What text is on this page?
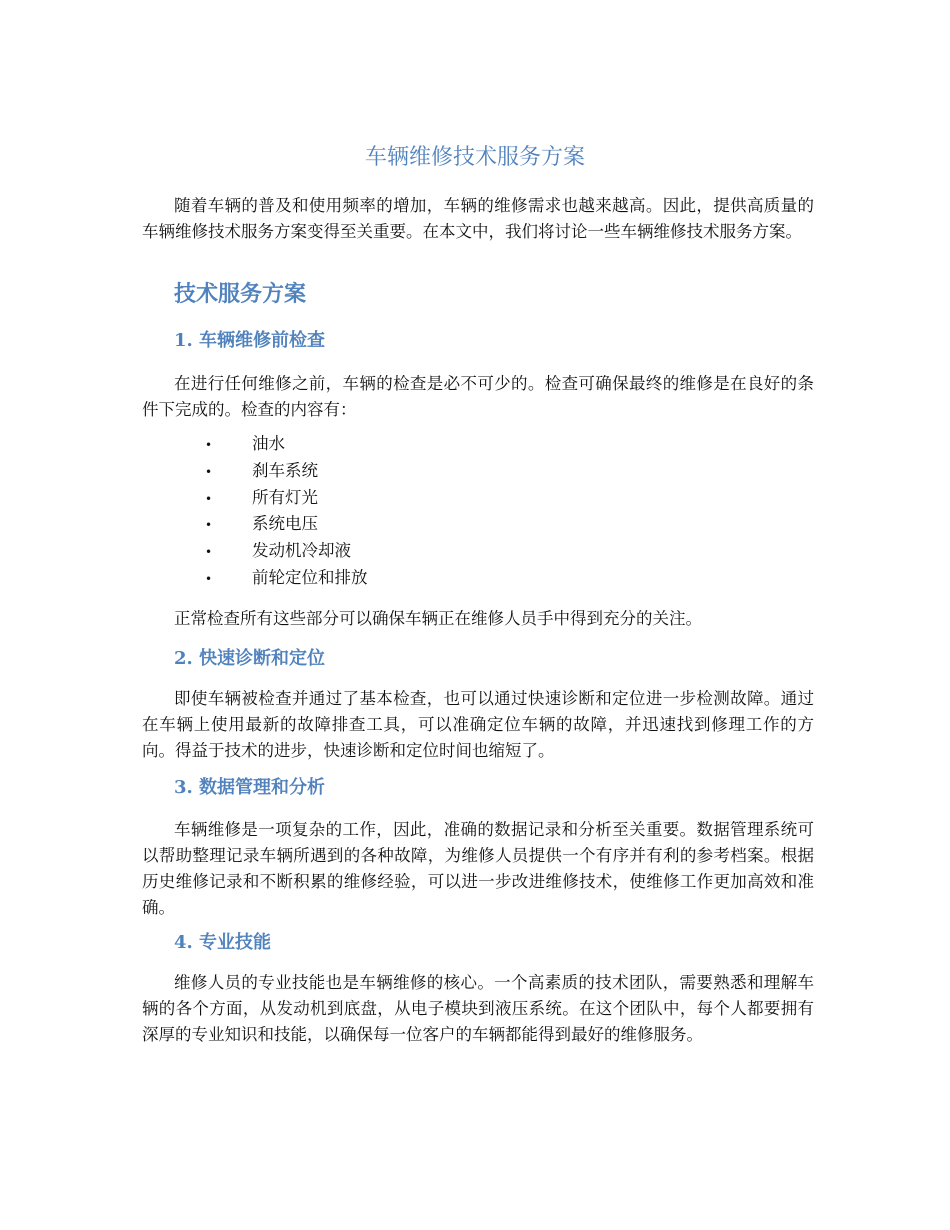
车辆维修技术服务方案

随着车辆的普及和使用频率的增加，车辆的维修需求也越来越高。因此，提供高质量的车辆维修技术服务方案变得至关重要。在本文中，我们将讨论一些车辆维修技术服务方案。

技术服务方案
1. 车辆维修前检查

在进行任何维修之前，车辆的检查是必不可少的。检查可确保最终的维修是在良好的条件下完成的。检查的内容有：

• 油水
• 刹车系统
• 所有灯光
• 系统电压
• 发动机冷却液
• 前轮定位和排放

正常检查所有这些部分可以确保车辆正在维修人员手中得到充分的关注。

2. 快速诊断和定位

即使车辆被检查并通过了基本检查，也可以通过快速诊断和定位进一步检测故障。通过在车辆上使用最新的故障排查工具，可以准确定位车辆的故障，并迅速找到修理工作的方向。得益于技术的进步，快速诊断和定位时间也缩短了。

3. 数据管理和分析

车辆维修是一项复杂的工作，因此，准确的数据记录和分析至关重要。数据管理系统可以帮助整理记录车辆所遇到的各种故障，为维修人员提供一个有序并有利的参考档案。根据历史维修记录和不断积累的维修经验，可以进一步改进维修技术，使维修工作更加高效和准确。

4. 专业技能

维修人员的专业技能也是车辆维修的核心。一个高素质的技术团队，需要熟悉和理解车辆的各个方面，从发动机到底盘，从电子模块到液压系统。在这个团队中，每个人都要拥有深厚的专业知识和技能，以确保每一位客户的车辆都能得到最好的维修服务。
